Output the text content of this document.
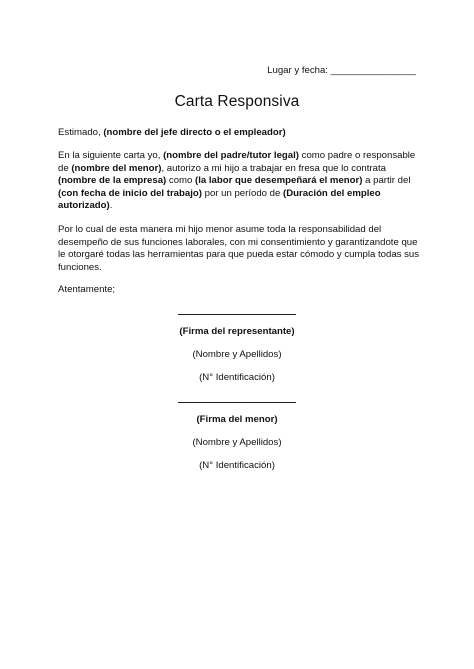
Lugar y fecha: ________________
Carta Responsiva

Estimado, (nombre del jefe directo o el empleador)

En la siguiente carta yo, (nombre del padre/tutor legal) como padre o responsable de (nombre del menor), autorizo a mi hijo a trabajar en fresa que lo contrata (nombre de la empresa) como (la labor que desempeñará el menor) a partir del (con fecha de inicio del trabajo) por un período de (Duración del empleo autorizado).

Por lo cual de esta manera mi hijo menor asume toda la responsabilidad del desempeño de sus funciones laborales, con mi consentimiento y garantizandote que le otorgaré todas las herramientas para que pueda estar cómodo y cumpla todas sus funciones.

Atentamente;

(Firma del representante)
(Nombre y Apellidos)
(N° Identificación)
(Firma del menor)
(Nombre y Apellidos)
(N° Identificación)
